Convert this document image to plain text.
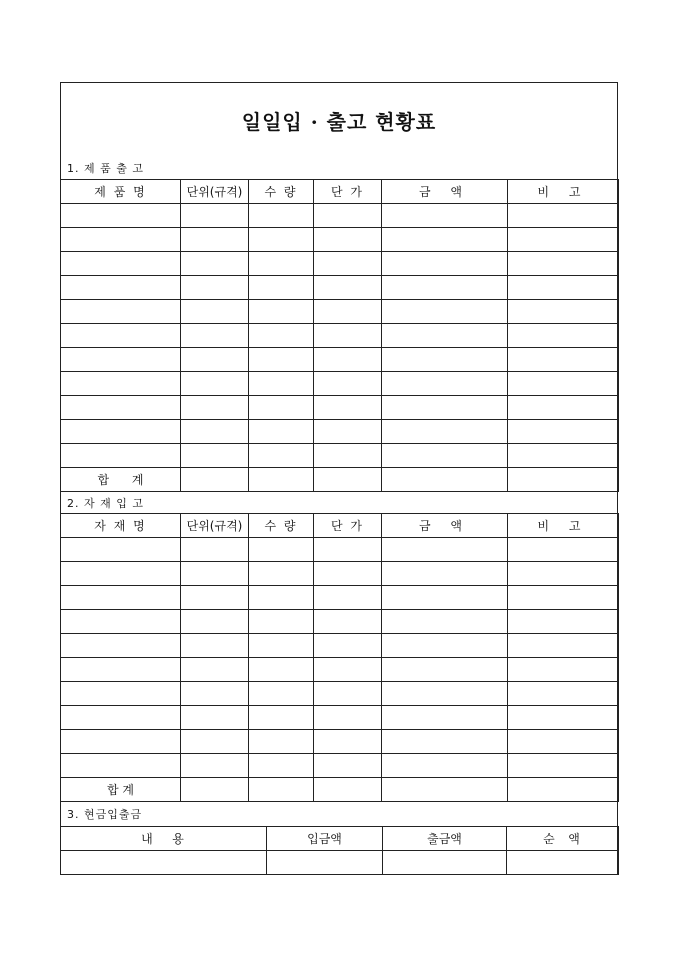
일일입 · 출고 현황표
1. 제 품 출 고
제 품 명	단위(규격)	수 량	단 가	금 액	비 고

합      계					
2. 자 재 입 고
자 재 명	단위(규격)	수 량	단 가	금 액	비 고

합 계					
3. 현금입출금
내   용	입금액	출금액	순  액
